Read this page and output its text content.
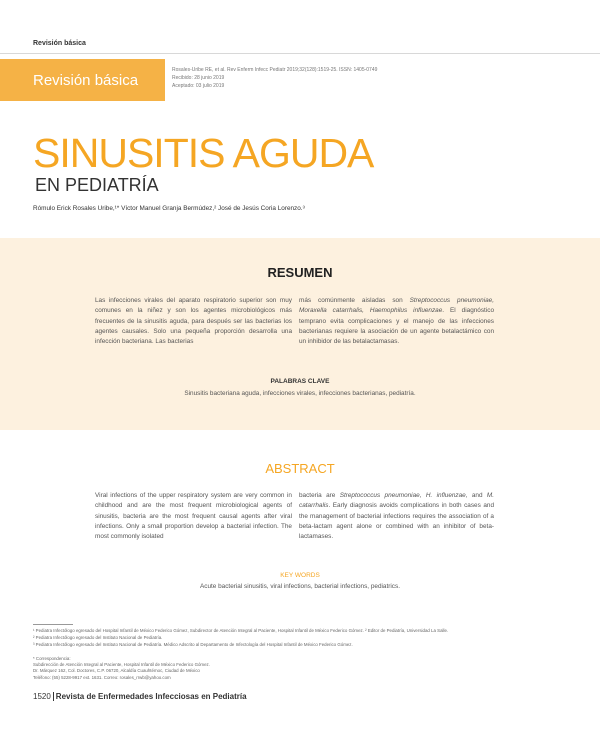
Revisión básica
Revisión básica
Rosales-Uribe RE, et al. Rev Enferm Infecc Pediatr 2019;32(128):1519-25. ISSN: 1405-0749
Recibido: 28 junio 2019
Aceptado: 03 julio 2019
SINUSITIS AGUDA
EN PEDIATRÍA
Rómulo Erick Rosales Uribe,¹* Víctor Manuel Granja Bermúdez,² José de Jesús Coria Lorenzo.³
RESUMEN
Las infecciones virales del aparato respiratorio superior son muy comunes en la niñez y son los agentes microbiológicos más frecuentes de la sinusitis aguda, para después ser las bacterias los agentes causales. Solo una pequeña proporción desarrolla una infección bacteriana. Las bacterias
más comúnmente aisladas son Streptococcus pneumoniae, Moraxella catarrhalis, Haemophilus influenzae. El diagnóstico temprano evita complicaciones y el manejo de las infecciones bacterianas requiere la asociación de un agente betalactámico con un inhibidor de las betalactamasas.
PALABRAS CLAVE
Sinusitis bacteriana aguda, infecciones virales, infecciones bacterianas, pediatría.
ABSTRACT
Viral infections of the upper respiratory system are very common in childhood and are the most frequent microbiological agents of sinusitis, bacteria are the most frequent causal agents after viral infections. Only a small proportion develop a bacterial infection. The most commonly isolated
bacteria are Streptococcus pneumoniae, H. influenzae, and M. catarrhalis. Early diagnosis avoids complications in both cases and the management of bacterial infections requires the association of a beta-lactam agent alone or combined with an inhibitor of beta-lactamases.
KEY WORDS
Acute bacterial sinusitis, viral infections, bacterial infections, pediatrics.
¹ Pediatra Infectólogo egresado del Hospital Infantil de México Federico Gómez, Subdirector de Atención Integral al Paciente, Hospital Infantil de México Federico Gómez. ² Editor de Pediatría, Universidad La Salle.
² Pediatra Infectólogo egresado del Instituto Nacional de Pediatría.
³ Pediatra Infectólogo egresado del Instituto Nacional de Pediatría. Médico Adscrito al Departamento de Infectología del Hospital Infantil de México Federico Gómez.
* Correspondencia:
Subdirección de Atención Integral al Paciente, Hospital Infantil de México Federico Gómez.
Dr. Márquez 162, Col. Doctores, C.P. 06720, Alcaldía Cuauhtémoc, Ciudad de México
Teléfono: (55) 5228-9917 ext. 1631. Correo: rosales_rrwb@yahoo.com
1520 Revista de Enfermedades Infecciosas en Pediatría
